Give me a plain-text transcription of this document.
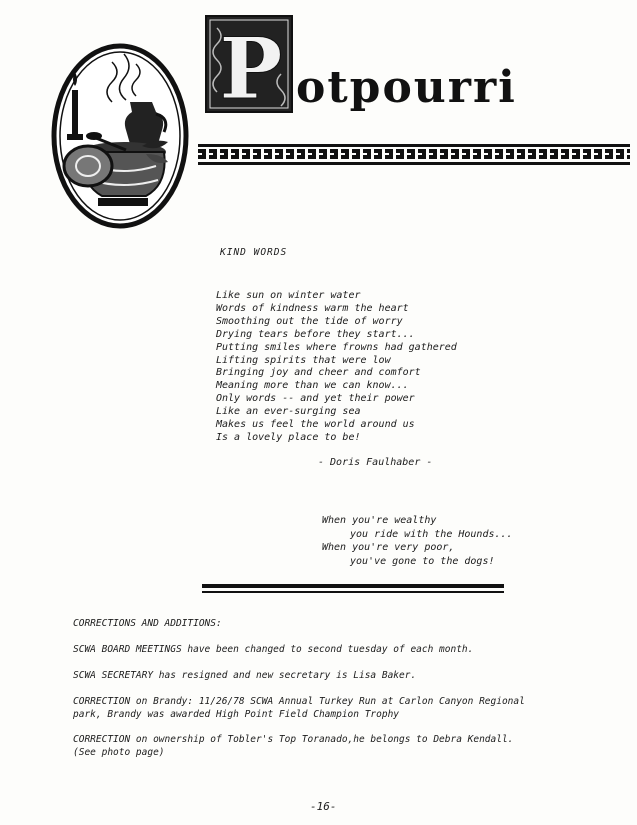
P otpourri
KIND WORDS
Like sun on winter water
Words of kindness warm the heart
Smoothing out the tide of worry
Drying tears before they start...
Putting smiles where frowns had gathered
Lifting spirits that were low
Bringing joy and cheer and comfort
Meaning more than we can know...
Only words -- and yet their power
Like an ever-surging sea
Makes us feel the world around us
Is a lovely place to be!
- Doris Faulhaber -
When you're wealthy
you ride with the Hounds...
When you're very poor,
you've gone to the dogs!
CORRECTIONS AND ADDITIONS:
SCWA BOARD MEETINGS have been changed to second tuesday of each month.
SCWA SECRETARY has resigned and new secretary is Lisa Baker.
CORRECTION on Brandy: 11/26/78 SCWA Annual Turkey Run at Carlon Canyon Regional
park, Brandy was awarded High Point Field Champion Trophy
CORRECTION on ownership of Tobler's Top Toranado,he belongs to Debra Kendall.
(See photo page)
-16-
